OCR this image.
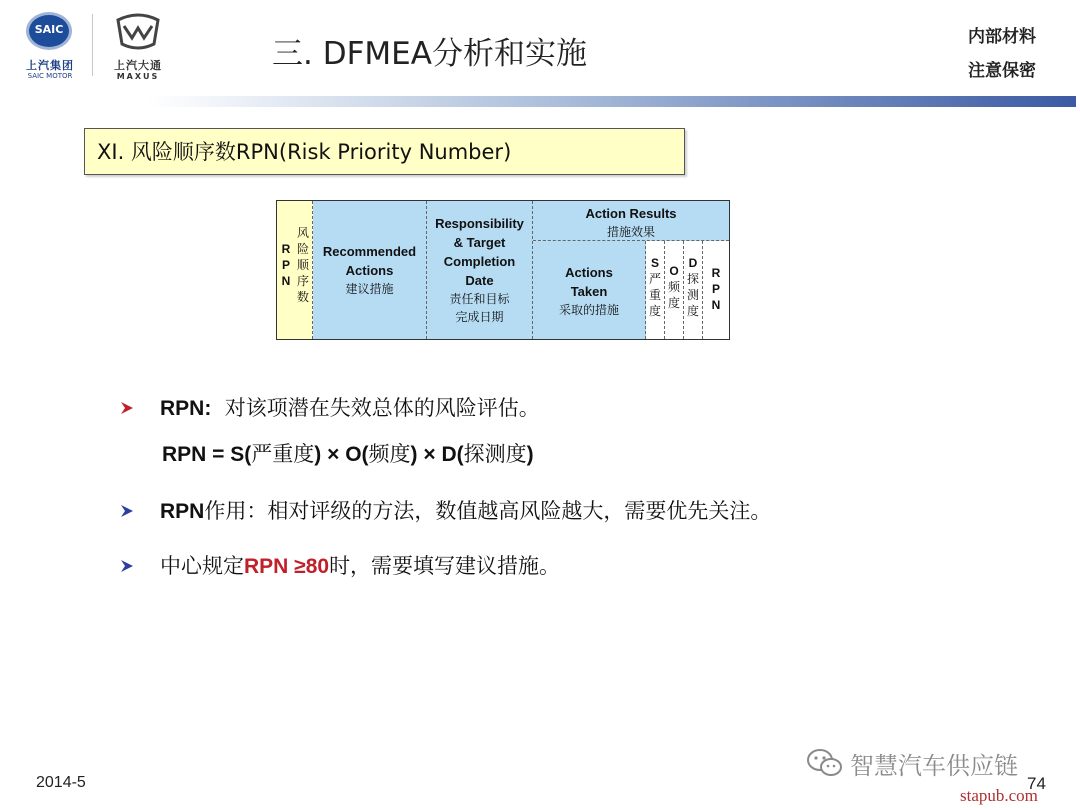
SAIC
上汽集团
SAIC MOTOR
上汽大通
MAXUS
三. DFMEA分析和实施	内部材料
注意保密
XI. 风险顺序数RPN(Risk Priority Number)
R
P
N
风
险
顺
序
数
Recommended
Actions
建议措施
Responsibility
& Target
Completion
Date
责任和目标
完成日期
Action Results
措施效果
Actions
Taken
采取的措施
S
严
重
度
O
频
度
D
探
测
度
R
P
N
RPN: 对该项潜在失效总体的风险评估。
RPN = S(严重度) × O(频度) × D(探测度)
RPN作用：相对评级的方法，数值越高风险越大，需要优先关注。
中心规定RPN ≥80时，需要填写建议措施。
2014-5
智慧汽车供应链
74
stapub.com
